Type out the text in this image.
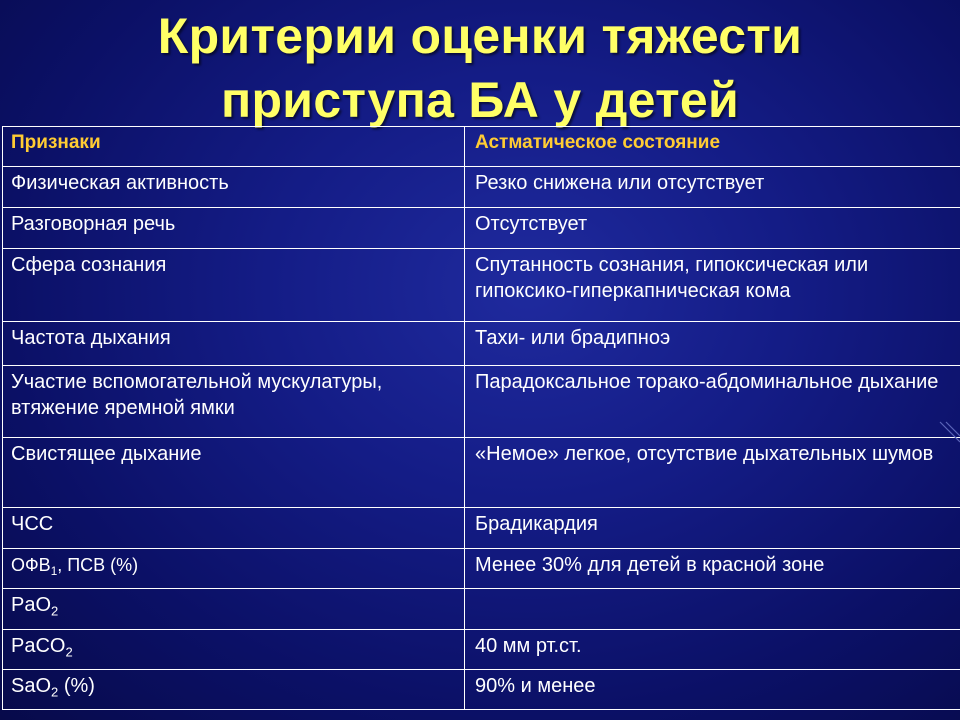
Критерии оценки тяжести
приступа БА у детей
Признаки	Астматическое состояние
Физическая активность	Резко снижена или отсутствует
Разговорная речь	Отсутствует
Сфера сознания	Спутанность сознания, гипоксическая или гипоксико-гиперкапническая кома
Частота дыхания	Тахи- или брадипноэ
Участие вспомогательной мускулатуры, втяжение яремной ямки	Парадоксальное торако-абдоминальное дыхание
Свистящее дыхание	«Немое» легкое, отсутствие дыхательных шумов
ЧСС	Брадикардия
$ОФВ_1$, ПСВ (%)	Менее 30% для детей в красной зоне
PaO$_2$	
PaCO$_2$	40 мм рт.ст.
SaO$_2$ (%)	90% и менее
